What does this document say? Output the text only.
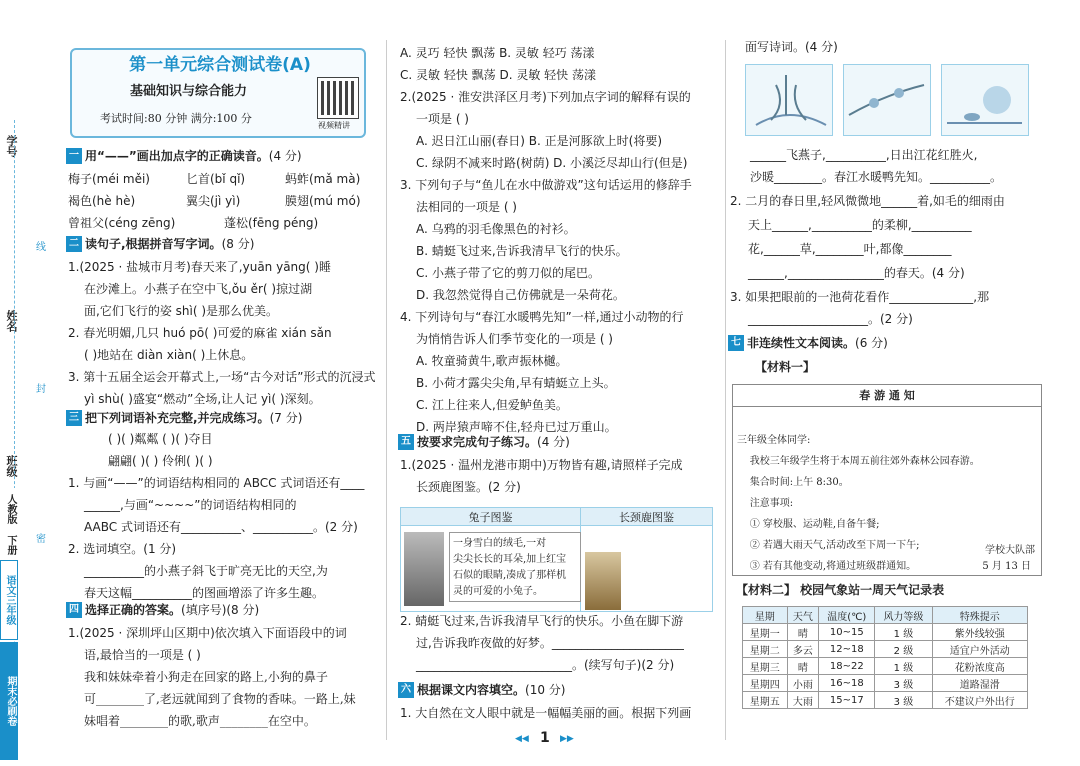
学号
姓名
班级
线
封
密
期末必刷卷
语文三年级
下册
人教版
第一单元综合测试卷(A)
基础知识与综合能力
考试时间:80 分钟 满分:100 分
视频精讲
一 用“——”画出加点字的正确读音。(4 分)
梅子(méi měi)	匕首(bǐ qǐ)	蚂蚱(mǎ mà)
褐色(hè hè)	翼尖(jì yì)	膜翅(mú mó)
曾祖父(céng zēng)	蓬松(fēng péng)
二 读句子,根据拼音写字词。(8 分)
1.(2025 · 盐城市月考)春天来了,yuān yāng( )睡
在沙滩上。小燕子在空中飞,ǒu ěr( )掠过湖
面,它们飞行的姿 shì( )是那么优美。
2. 春光明媚,几只 huó pō( )可爱的麻雀 xián sǎn
( )地站在 diàn xiàn( )上休息。
3. 第十五届全运会开幕式上,一场“古今对话”形式的沉浸式
yì shù( )盛宴“燃动”全场,让人记 yì( )深刻。
三 把下列词语补充完整,并完成练习。(7 分)
( )( )粼粼 ( )( )夺目
翩翩( )( ) 伶俐( )( )
1. 与画“——”的词语结构相同的 ABCC 式词语还有____
______,与画“~~~~”的词语结构相同的
AABC 式词语还有__________、__________。(2 分)
2. 选词填空。(1 分)
__________的小燕子斜飞于旷亮无比的天空,为
春天这幅__________的图画增添了许多生趣。
四 选择正确的答案。(填序号)(8 分)
1.(2025 · 深圳坪山区期中)依次填入下面语段中的词
语,最恰当的一项是 ( )
我和妹妹牵着小狗走在回家的路上,小狗的鼻子
可________了,老远就闻到了食物的香味。一路上,妹
妹唱着________的歌,歌声________在空中。
A. 灵巧 轻快 飘荡 B. 灵敏 轻巧 荡漾
C. 灵敏 轻快 飘荡 D. 灵敏 轻快 荡漾
2.(2025 · 淮安洪泽区月考)下列加点字词的解释有误的
一项是 ( )
A. 迟日江山丽(春日) B. 正是河豚欲上时(将要)
C. 绿阴不减来时路(树荫) D. 小溪泛尽却山行(但是)
3. 下列句子与“鱼儿在水中做游戏”这句话运用的修辞手
法相同的一项是 ( )
A. 乌鸦的羽毛像黑色的衬衫。
B. 蜻蜓飞过来,告诉我清早飞行的快乐。
C. 小燕子带了它的剪刀似的尾巴。
D. 我忽然觉得自己仿佛就是一朵荷花。
4. 下列诗句与“春江水暖鸭先知”一样,通过小动物的行
为悄悄告诉人们季节变化的一项是 ( )
A. 牧童骑黄牛,歌声振林樾。
B. 小荷才露尖尖角,早有蜻蜓立上头。
C. 江上往来人,但爱鲈鱼美。
D. 两岸猿声啼不住,轻舟已过万重山。
五 按要求完成句子练习。(4 分)
1.(2025 · 温州龙港市期中)万物皆有趣,请照样子完成
长颈鹿图鉴。(2 分)
兔子图鉴	长颈鹿图鉴

一身雪白的绒毛,一对
尖尖长长的耳朵,加上红宝
石似的眼睛,凑成了那样机
灵的可爱的小兔子。	

2. 蜻蜓飞过来,告诉我清早飞行的快乐。小鱼在脚下游
过,告诉我昨夜做的好梦。______________________
__________________________。(续写句子)(2 分)
六 根据课文内容填空。(10 分)
1. 大自然在文人眼中就是一幅幅美丽的画。根据下列画
面写诗词。(4 分)
______飞燕子,__________,日出江花红胜火,
沙暖________。春江水暖鸭先知。__________。
2. 二月的春日里,轻风微微地______着,如毛的细雨由
天上______,__________的柔柳,__________
花,______草,________叶,都像________
______,________________的春天。(4 分)
3. 如果把眼前的一池荷花看作______________,那
____________________。(2 分)
七 非连续性文本阅读。(6 分)
【材料一】
春 游 通 知

三年级全体同学:
我校三年级学生将于本周五前往郊外森林公园春游。
集合时间:上午 8:30。
注意事项:
① 穿校服、运动鞋,自备午餐;
② 若遇大雨天气,活动改至下周一下午;
③ 若有其他变动,将通过班级群通知。

学校大队部
5 月 13 日
【材料二】 校园气象站一周天气记录表
星期	天气	温度(℃)	风力等级	特殊提示
星期一	晴	10~15	1 级	紫外线较强
星期二	多云	12~18	2 级	适宜户外活动
星期三	晴	18~22	1 级	花粉浓度高
星期四	小雨	16~18	3 级	道路湿滑
星期五	大雨	15~17	3 级	不建议户外出行
◀◀ 1 ▶▶
